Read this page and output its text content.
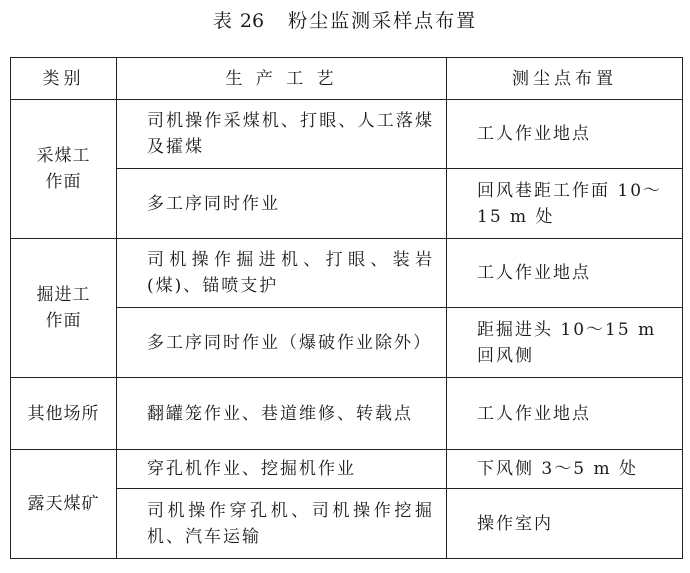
表 26 粉尘监测采样点布置
类别	生 产 工 艺	测尘点布置

采煤工
作面	司机操作采煤机、打眼、人工落煤及攉煤	工人作业地点
	多工序同时作业	回风巷距工作面 10～15 m 处

掘进工
作面	司机操作掘进机、打眼、装岩(煤)、锚喷支护	工人作业地点
	多工序同时作业（爆破作业除外）	距掘进头 10～15 m 回风侧

其他场所	翻罐笼作业、巷道维修、转载点	工人作业地点

露天煤矿	穿孔机作业、挖掘机作业	下风侧 3～5 m 处
	司机操作穿孔机、司机操作挖掘机、汽车运输	操作室内
